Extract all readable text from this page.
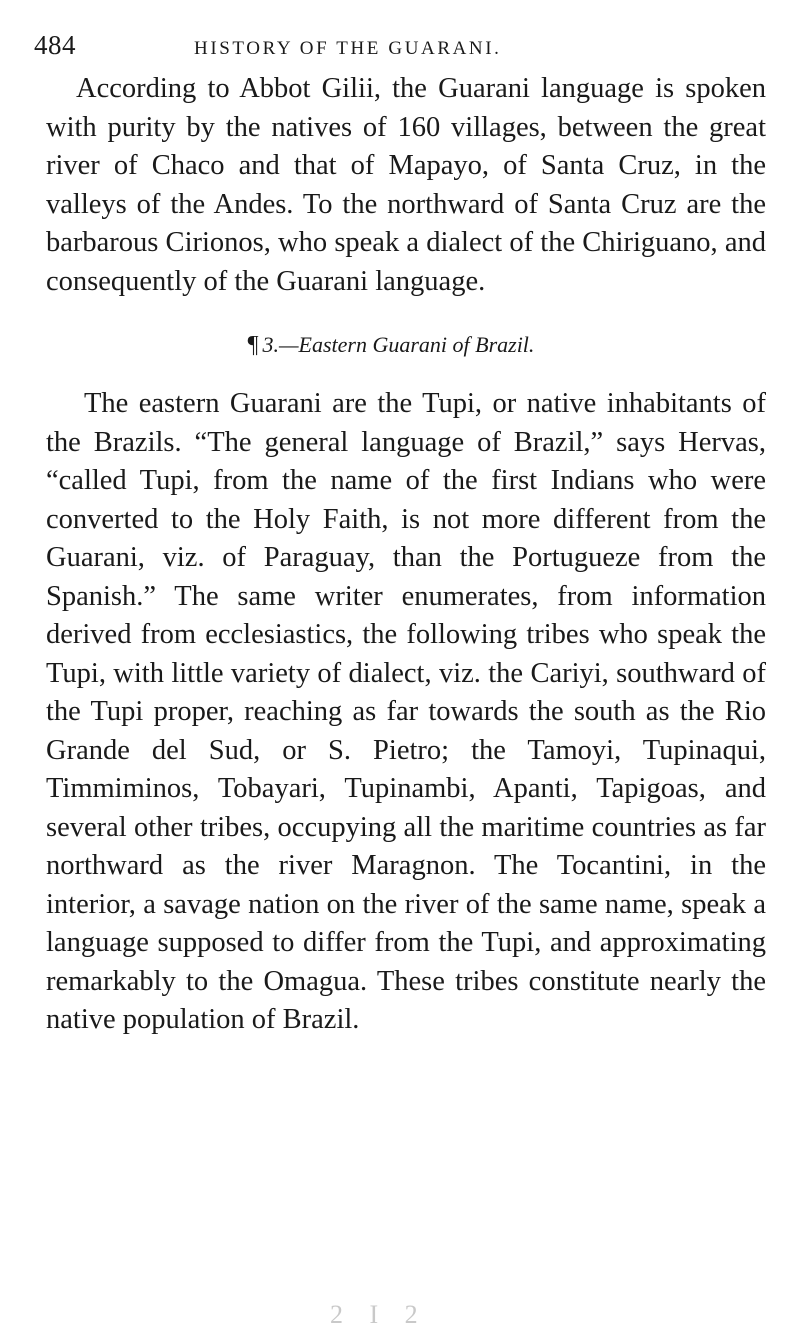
484	HISTORY OF THE GUARANI.

According to Abbot Gilii, the Guarani language is spoken with purity by the natives of 160 villages, between the great river of Chaco and that of Mapayo, of Santa Cruz, in the valleys of the Andes. To the northward of Santa Cruz are the barbarous Cirionos, who speak a dialect of the Chiriguano, and consequently of the Guarani language.

¶ 3.—Eastern Guarani of Brazil.

The eastern Guarani are the Tupi, or native inhabitants of the Brazils. “The general language of Brazil,” says Hervas, “called Tupi, from the name of the first Indians who were converted to the Holy Faith, is not more different from the Guarani, viz. of Paraguay, than the Portugueze from the Spanish.” The same writer enumerates, from information derived from ecclesiastics, the following tribes who speak the Tupi, with little variety of dialect, viz. the Cariyi, southward of the Tupi proper, reaching as far towards the south as the Rio Grande del Sud, or S. Pietro; the Tamoyi, Tupinaqui, Timmiminos, Tobayari, Tupinambi, Apanti, Tapigoas, and several other tribes, occupying all the maritime countries as far northward as the river Maragnon. The Tocantini, in the interior, a savage nation on the river of the same name, speak a language supposed to differ from the Tupi, and approximating remarkably to the Omagua. These tribes constitute nearly the native population of Brazil.

2 I 2
